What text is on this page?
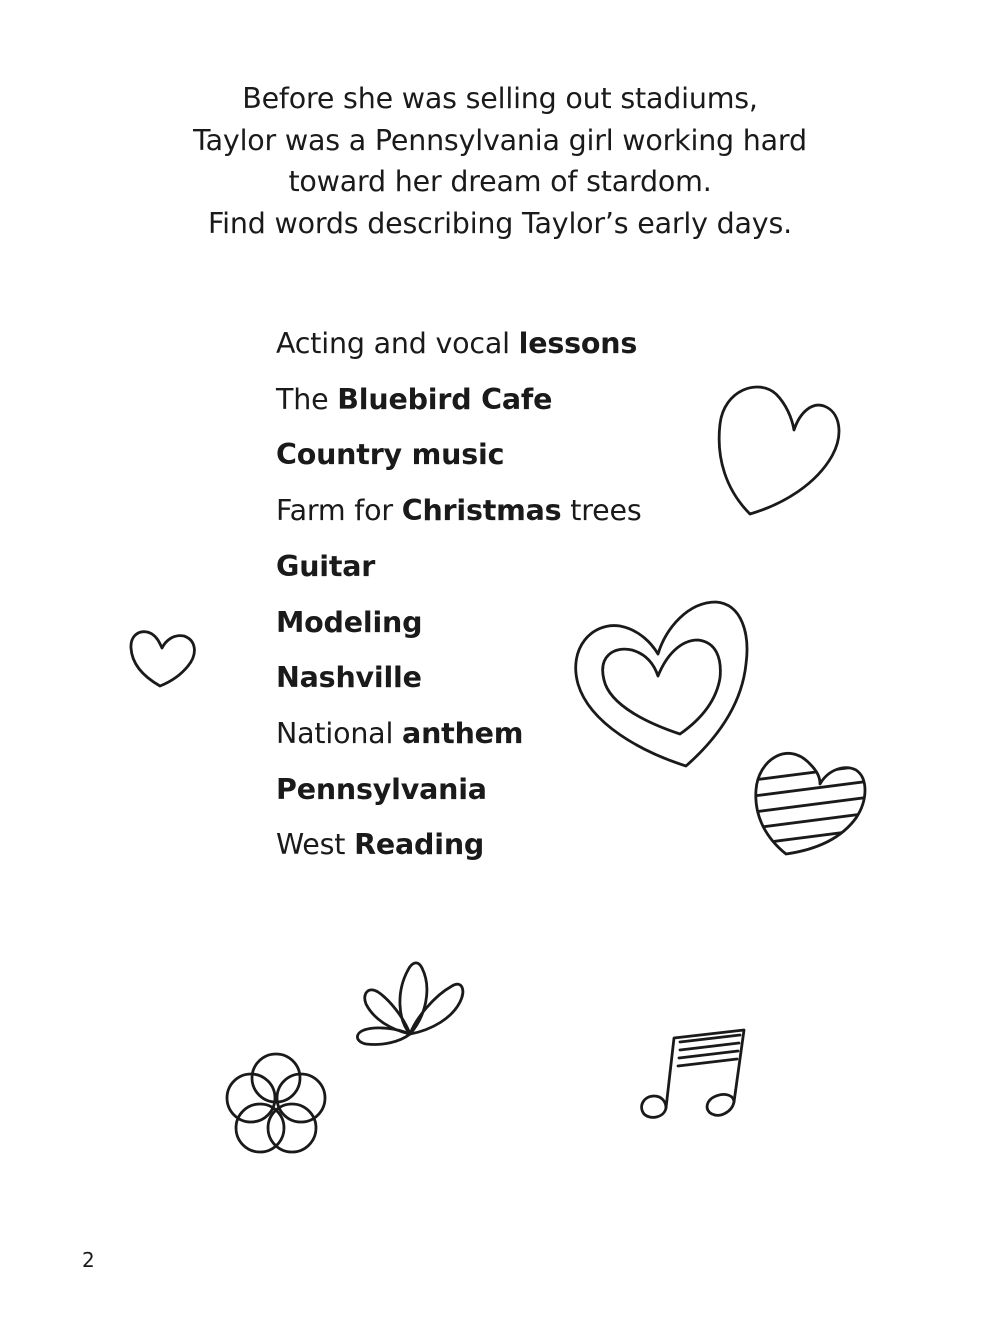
Before she was selling out stadiums,
Taylor was a Pennsylvania girl working hard
toward her dream of stardom.
Find words describing Taylor’s early days.
Acting and vocal lessons
The Bluebird Cafe
Country music
Farm for Christmas trees
Guitar
Modeling
Nashville
National anthem
Pennsylvania
West Reading
2
